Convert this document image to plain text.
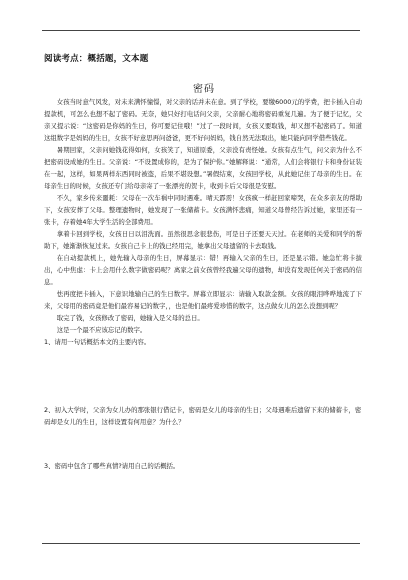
阅读考点：概括题，文本题
密码

女孩当时意气风发，对未来满怀憧憬，对父亲的话并未在意。到了学校，要缴6000元的学费，把卡插入自动提款机，可怎么也想不起了密码。无奈，她只好打电话问父亲，父亲耐心地将密码重复几遍。为了便于记忆，父亲又提示说：“这密码是你妈的生日，你可要记住哦！”过了一段时间，女孩又要取钱，却又想不起密码了。知道这组数字是妈妈的生日，女孩不好意思再问爸爸，更不好问妈妈，钱自然无法取出，她只能向同学借些钱花。

暑期回家，父亲问她钱花得如何，女孩笑了，知道原委，父亲没有责怪她。女孩有点生气，问父亲为什么不把密码设成她的生日。父亲说：“不设置成你的，是为了保护你。”她解释说：“通常，人们会将银行卡和身份证装在一起，这样，如果两样东西同时被盗，后果不堪设想。”暑假结束，女孩回学校，从此她记住了母亲的生日。在母亲生日的时候，女孩还专门给母亲寄了一张漂亮的贺卡，收到卡后父母很是安慰。

不久，家乡传来噩耗：父母在一次车祸中同时遇难。晴天霹雳！女孩疯一样赶回家啼哭，在众多亲友的帮助下，女孩安葬了父母。整理遗物时，她发现了一张储蓄卡。女孩满怀悲痛，知道父母曾经告诉过她，家里还有一张卡，存着她4年大学生活的全部费用。

拿着卡回到学校，女孩日日以泪洗面。虽然很思念很悲伤，可是日子还要天天过。在老师的关爱和同学的帮助下，她渐渐恢复过来。女孩自己卡上的钱已经用完，她拿出父母遗留的卡去取钱。

在自动提款机上，她先输入母亲的生日，屏幕显示：错！再输入父亲的生日，还是显示错。她急忙将卡拔出，心中焦虑：卡上会用什么数字做密码呢？离家之前女孩曾经我遍父母的遗物，却没有发现任何关于密码的信息。

怯再度把卡插入，下意识地输自己的生日数字。屏幕立即显示：请输入取款金额。女孩的眼泪哗哗地流了下来，父母用的密码竟是他们最容易记的数字，，也是他们最疼爱珍惜的数字，这点做女儿的怎么没想到呢？

取完了钱，女孩修改了密码，她输入是父母的总日。

这是一个最不应该忘记的数字。

1、请用一句话概括本文的主要内容。

2、初入大学时，父亲为女儿办的那张银行借记卡，密码是女儿的母亲的生日；父母遇难后遗留下来的储蓄卡，密码却是女儿的生日，这样设置有何用意？为什么？

3、密码中包含了哪些真情?请用自己的话概括。
